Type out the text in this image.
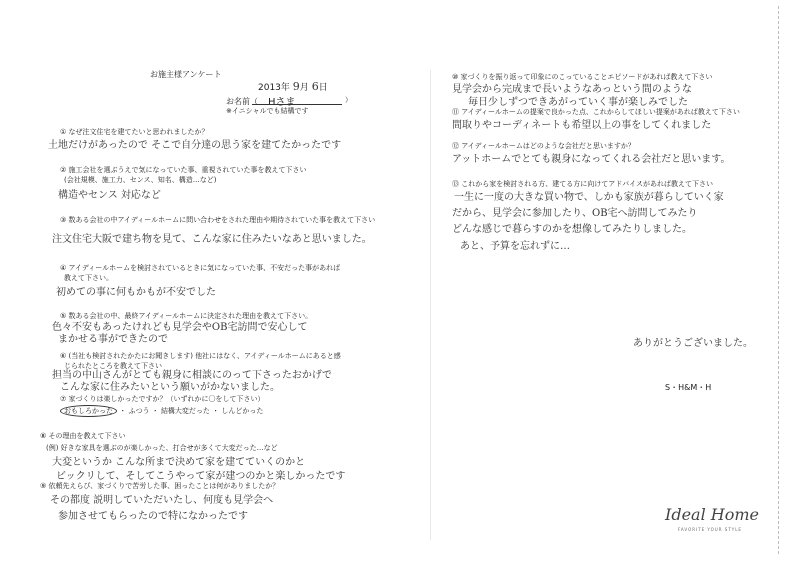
お施主様アンケート
2013年 9月 6日
お名前（ Hさま	）
※イニシャルでも結構です
① なぜ注文住宅を建てたいと思われましたか？
土地だけがあったので そこで自分達の思う家を建てたかったです
② 施工会社を選ぶうえで気になっていた事、重視されていた事を教えて下さい
(会社規模、施工力、センス、知名、構造…など)
構造やセンス 対応など
③ 数ある会社の中アイディールホームに問い合わせをされた理由や期待されていた事を教えて下さい
注文住宅大阪で建ち物を見て、こんな家に住みたいなあと思いました。
④ アイディールホームを検討されているときに気になっていた事、不安だった事があれば
教えて下さい。
初めての事に何もかもが不安でした
⑤ 数ある会社の中、最終アイディールホームに決定された理由を教えて下さい。
色々不安もあったけれども見学会やOB宅訪問で安心して
まかせる事ができたので
⑥ (当社も検討されたかたにお聞きします) 他社にはなく、アイディールホームにあると感
じられたところを教えて下さい
担当の中山さんがとても親身に相談にのって下さったおかげで
こんな家に住みたいという願いがかないました。
⑦ 家づくりは楽しかったですか？（いずれかに〇をして下さい）
おもしろかった ・ ふつう ・ 結構大変だった ・ しんどかった
⑧ その理由を教えて下さい
(例) 好きな家具を選ぶのが楽しかった、打合せが多くて大変だった…など
大変というか こんな所まで決めて家を建てていくのかと
ビックリして、そしてこうやって家が建つのかと楽しかったです
⑨ 依頼先えらび、家づくりで苦労した事、困ったことは何がありましたか？
その都度 説明していただいたし、何度も見学会へ
参加させてもらったので特になかったです
⑩ 家づくりを振り返って印象にのこっていることエピソードがあれば教えて下さい
見学会から完成まで長いようなあっという間のような
毎日少しずつできあがっていく事が楽しみでした
⑪ アイディールホームの提案で良かった点、これからしてほしい提案があれば教えて下さい
間取りやコーディネートも希望以上の事をしてくれました
⑫ アイディールホームはどのような会社だと思いますか？
アットホームでとても親身になってくれる会社だと思います。
⑬ これから家を検討される方、建てる方に向けてアドバイスがあれば教えて下さい
一生に一度の大きな買い物で、しかも家族が暮らしていく家
だから、見学会に参加したり、OB宅へ訪問してみたり
どんな感じで暮らすのかを想像してみたりしました。
あと、予算を忘れずに…
ありがとうございました。
S・H&M・H
Ideal Home
FAVORITE YOUR STYLE
